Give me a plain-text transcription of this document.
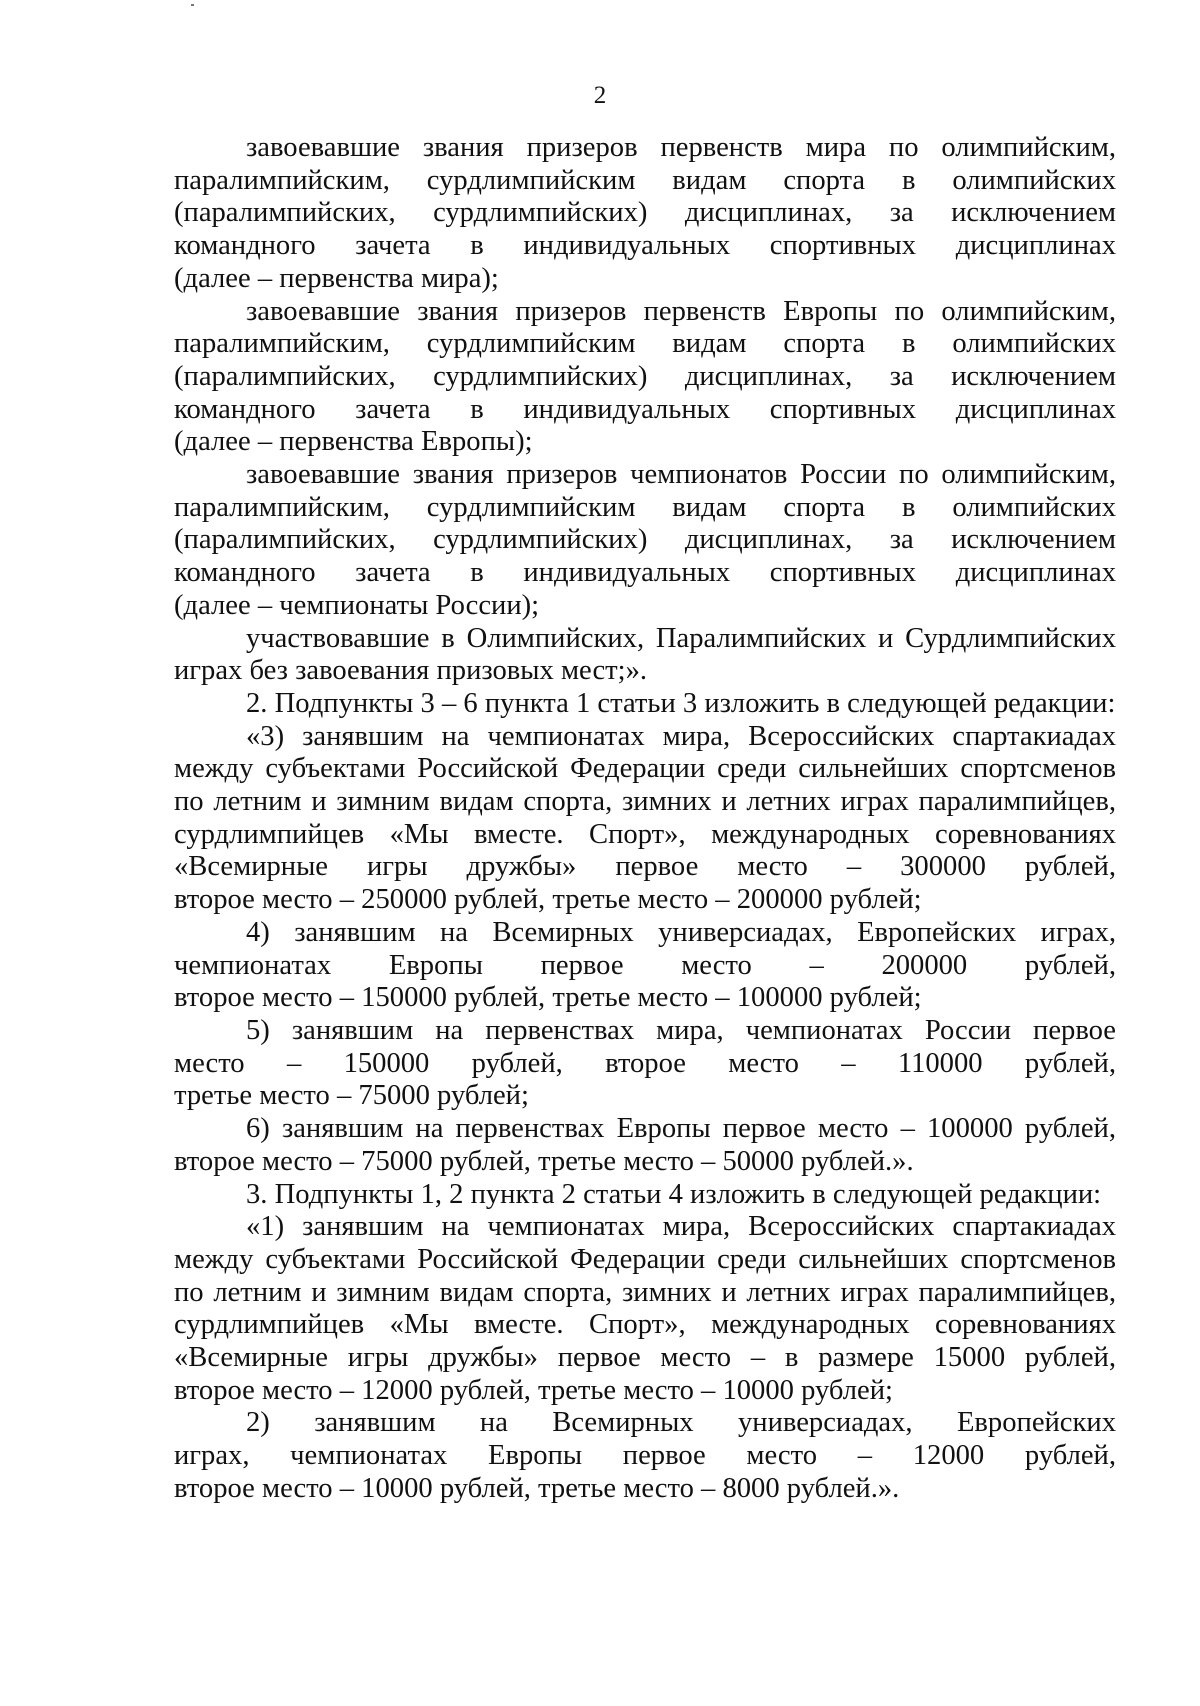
2

завоевавшие звания призеров первенств мира по олимпийским,
паралимпийским, сурдлимпийским видам спорта в олимпийских
(паралимпийских, сурдлимпийских) дисциплинах, за исключением
командного зачета в индивидуальных спортивных дисциплинах
(далее – первенства мира);

завоевавшие звания призеров первенств Европы по олимпийским,
паралимпийским, сурдлимпийским видам спорта в олимпийских
(паралимпийских, сурдлимпийских) дисциплинах, за исключением
командного зачета в индивидуальных спортивных дисциплинах
(далее – первенства Европы);

завоевавшие звания призеров чемпионатов России по олимпийским,
паралимпийским, сурдлимпийским видам спорта в олимпийских
(паралимпийских, сурдлимпийских) дисциплинах, за исключением
командного зачета в индивидуальных спортивных дисциплинах
(далее – чемпионаты России);

участвовавшие в Олимпийских, Паралимпийских и Сурдлимпийских
играх без завоевания призовых мест;».

2. Подпункты 3 – 6 пункта 1 статьи 3 изложить в следующей редакции:

«3) занявшим на чемпионатах мира, Всероссийских спартакиадах
между субъектами Российской Федерации среди сильнейших спортсменов
по летним и зимним видам спорта, зимних и летних играх паралимпийцев,
сурдлимпийцев «Мы вместе. Спорт», международных соревнованиях
«Всемирные игры дружбы» первое место – 300000 рублей,
второе место – 250000 рублей, третье место – 200000 рублей;

4) занявшим на Всемирных универсиадах, Европейских играх,
чемпионатах Европы первое место – 200000 рублей,
второе место – 150000 рублей, третье место – 100000 рублей;

5) занявшим на первенствах мира, чемпионатах России первое
место – 150000 рублей, второе место – 110000 рублей,
третье место – 75000 рублей;

6) занявшим на первенствах Европы первое место – 100000 рублей,
второе место – 75000 рублей, третье место – 50000 рублей.».

3. Подпункты 1, 2 пункта 2 статьи 4 изложить в следующей редакции:

«1) занявшим на чемпионатах мира, Всероссийских спартакиадах
между субъектами Российской Федерации среди сильнейших спортсменов
по летним и зимним видам спорта, зимних и летних играх паралимпийцев,
сурдлимпийцев «Мы вместе. Спорт», международных соревнованиях
«Всемирные игры дружбы» первое место – в размере 15000 рублей,
второе место – 12000 рублей, третье место – 10000 рублей;

2) занявшим на Всемирных универсиадах, Европейских
играх, чемпионатах Европы первое место – 12000 рублей,
второе место – 10000 рублей, третье место – 8000 рублей.».
